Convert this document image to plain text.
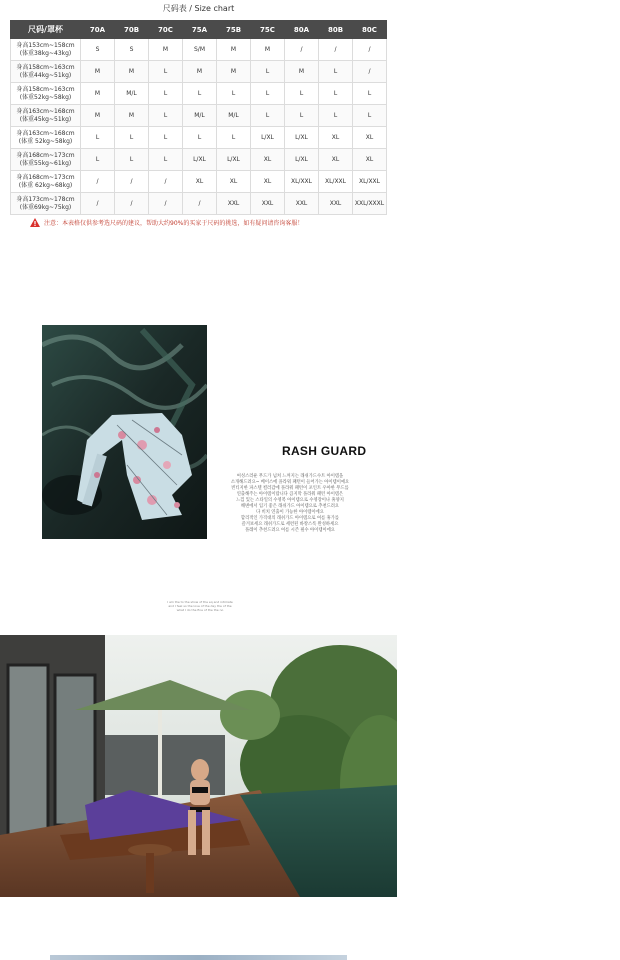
尺码表 / Size chart
尺码/罩杯	70A	70B	70C	75A	75B	75C	80A	80B	80C

身高153cm~158cm
(体重38kg~43kg)	S	S	M	S/M	M	M	/	/	/

身高158cm~163cm
(体重44kg~51kg)	M	M	L	M	M	L	M	L	/

身高158cm~163cm
(体重52kg~58kg)	M	M/L	L	L	L	L	L	L	L

身高163cm~168cm
(体重45kg~51kg)	M	M	L	M/L	M/L	L	L	L	L

身高163cm~168cm
(体重 52kg~58kg)	L	L	L	L	L	L/XL	L/XL	XL	XL

身高168cm~173cm
(体重55kg~61kg)	L	L	L	L/XL	L/XL	XL	L/XL	XL	XL

身高168cm~173cm
(体重 62kg~68kg)	/	/	/	XL	XL	XL	XL/XXL	XL/XXL	XL/XXL

身高173cm~178cm
(体重69kg~75kg)	/	/	/	/	XXL	XXL	XXL	XXL	XXL/XXXL
注意：本表格仅供参考选尺码的建议，帮助大约90%的买家于尺码的挑选，如有疑问请咨询客服！
RASH GUARD
여성스러운 무드가 넘쳐 느껴지는 래쉬가드수트 아이템을
소개해드려요~ 베이스에 플라워 패턴이 들어가는 아이템이예요
빈티지한 파스텔 컬러감에 플라워 패턴이 포인트 우아한 무드를
연출해주는 아이템이랍니다 큼지막 플라워 패턴 아이템은
느낌 있는 스타일의 수영복 아이템으로 수영장이나 휴양지
해변에서 입기 좋은 래쉬가드 아이템으로 추천드려요
다 비치 연출이 가능한 아이템이에요
합리적인 가격대의 래쉬가드 아이템으로 여름 휴가를
즐겨보세요 래쉬가드로 세련된 바캉스룩 완성하세요
플레이 추천드려요 여름 시즌 필수 아이템이에요
I am the to the show of the eq and intimate
and I feel so the love of the day the of the
what I do the fine of the the no
